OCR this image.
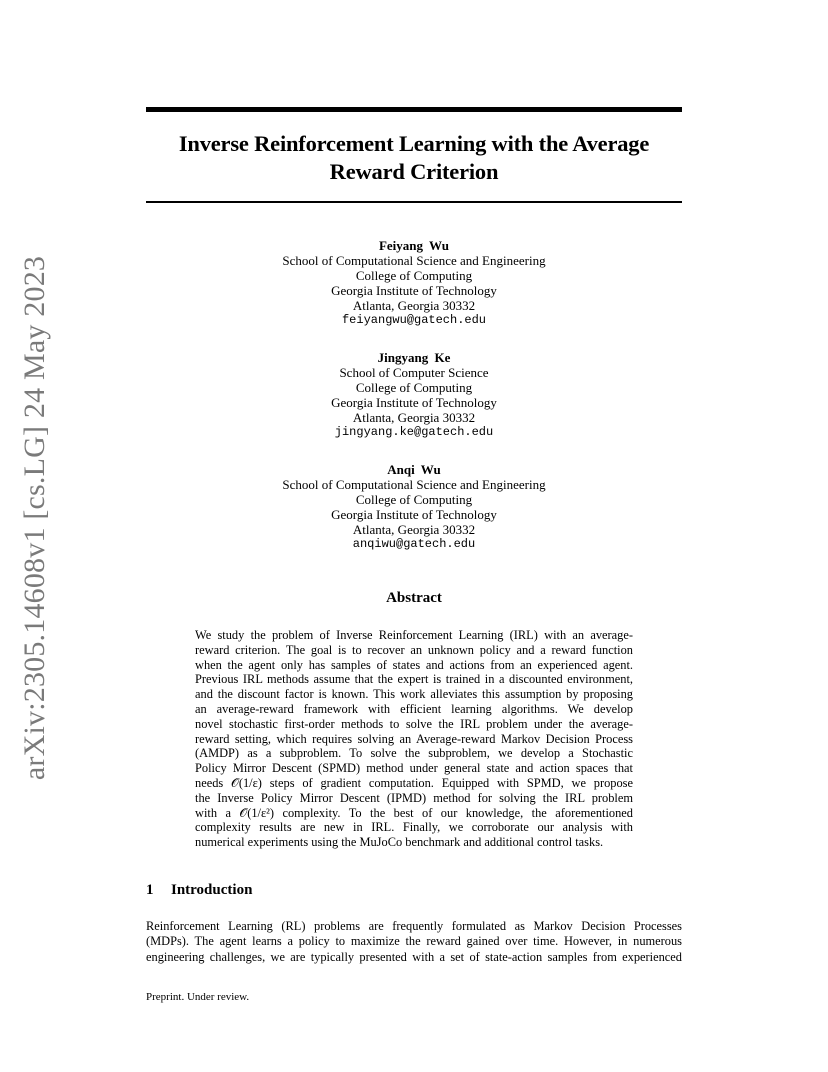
Inverse Reinforcement Learning with the Average
Reward Criterion
arXiv:2305.14608v1 [cs.LG] 24 May 2023
Feiyang Wu
School of Computational Science and Engineering
College of Computing
Georgia Institute of Technology
Atlanta, Georgia 30332
feiyangwu@gatech.edu
Jingyang Ke
School of Computer Science
College of Computing
Georgia Institute of Technology
Atlanta, Georgia 30332
jingyang.ke@gatech.edu
Anqi Wu
School of Computational Science and Engineering
College of Computing
Georgia Institute of Technology
Atlanta, Georgia 30332
anqiwu@gatech.edu
Abstract
We study the problem of Inverse Reinforcement Learning (IRL) with an average-
reward criterion. The goal is to recover an unknown policy and a reward function
when the agent only has samples of states and actions from an experienced agent.
Previous IRL methods assume that the expert is trained in a discounted environment,
and the discount factor is known. This work alleviates this assumption by proposing
an average-reward framework with efficient learning algorithms. We develop
novel stochastic first-order methods to solve the IRL problem under the average-
reward setting, which requires solving an Average-reward Markov Decision Process
(AMDP) as a subproblem. To solve the subproblem, we develop a Stochastic
Policy Mirror Descent (SPMD) method under general state and action spaces that
needs 𝒪(1/ε) steps of gradient computation. Equipped with SPMD, we propose
the Inverse Policy Mirror Descent (IPMD) method for solving the IRL problem
with a 𝒪(1/ε²) complexity. To the best of our knowledge, the aforementioned
complexity results are new in IRL. Finally, we corroborate our analysis with
numerical experiments using the MuJoCo benchmark and additional control tasks.
1 Introduction
Reinforcement Learning (RL) problems are frequently formulated as Markov Decision Processes
(MDPs). The agent learns a policy to maximize the reward gained over time. However, in numerous
engineering challenges, we are typically presented with a set of state-action samples from experienced
Preprint. Under review.
